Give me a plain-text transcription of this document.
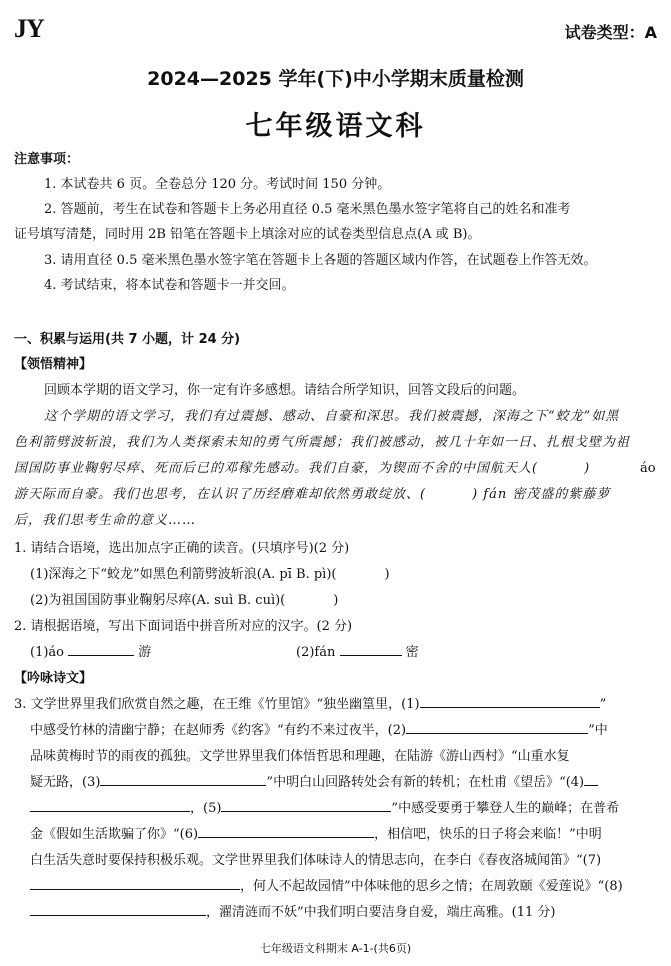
JY	试卷类型：A
2024—2025 学年(下)中小学期末质量检测
七年级语文科
注意事项：
1. 本试卷共 6 页。全卷总分 120 分。考试时间 150 分钟。
2. 答题前，考生在试卷和答题卡上务必用直径 0.5 毫米黑色墨水签字笔将自己的姓名和准考
证号填写清楚，同时用 2B 铅笔在答题卡上填涂对应的试卷类型信息点(A 或 B)。
3. 请用直径 0.5 毫米黑色墨水签字笔在答题卡上各题的答题区域内作答，在试题卷上作答无效。
4. 考试结束，将本试卷和答题卡一并交回。
一、积累与运用(共 7 小题，计 24 分)
【领悟精神】
回顾本学期的语文学习，你一定有许多感想。请结合所学知识，回答文段后的问题。
这个学期的语文学习，我们有过震撼、感动、自豪和深思。我们被震撼，深海之下“蛟龙”如黑
色利箭劈波斩浪，我们为人类探索未知的勇气所震撼；我们被感动，被几十年如一日、扎根戈壁为祖
国国防事业鞠躬尽瘁、死而后已的邓稼先感动。我们自豪，为锲而不舍的中国航天人(	)	áo
游天际而自豪。我们也思考，在认识了历经磨难却依然勇敢绽放、(	) fán 密茂盛的紫藤萝
后，我们思考生命的意义……
1. 请结合语境，选出加点字正确的读音。(只填序号)(2 分)
(1)深海之下“蛟龙”如黑色利箭劈波斩浪(A. pī B. pì)(	)
(2)为祖国国防事业鞠躬尽瘁(A. suì B. cuì)(	)
2. 请根据语境，写出下面词语中拼音所对应的汉字。(2 分)
(1)áo	游	(2)fán	密
【吟咏诗文】
3. 文学世界里我们欣赏自然之趣，在王维《竹里馆》“独坐幽篁里，(1)	”
中感受竹林的清幽宁静；在赵师秀《约客》“有约不来过夜半，(2)	”中
品味黄梅时节的雨夜的孤独。文学世界里我们体悟哲思和理趣，在陆游《游山西村》“山重水复
疑无路，(3)	”中明白山回路转处会有新的转机；在杜甫《望岳》“(4)
，(5)	”中感受要勇于攀登人生的巅峰；在普希
金《假如生活欺骗了你》“(6)	，相信吧，快乐的日子将会来临！”中明
白生活失意时要保持积极乐观。文学世界里我们体味诗人的情思志向，在李白《春夜洛城闻笛》“(7)
，何人不起故园情”中体味他的思乡之情；在周敦颐《爱莲说》“(8)
，濯清涟而不妖”中我们明白要洁身自爱，端庄高雅。(11 分)
七年级语文科期末 A-1-(共6页)
